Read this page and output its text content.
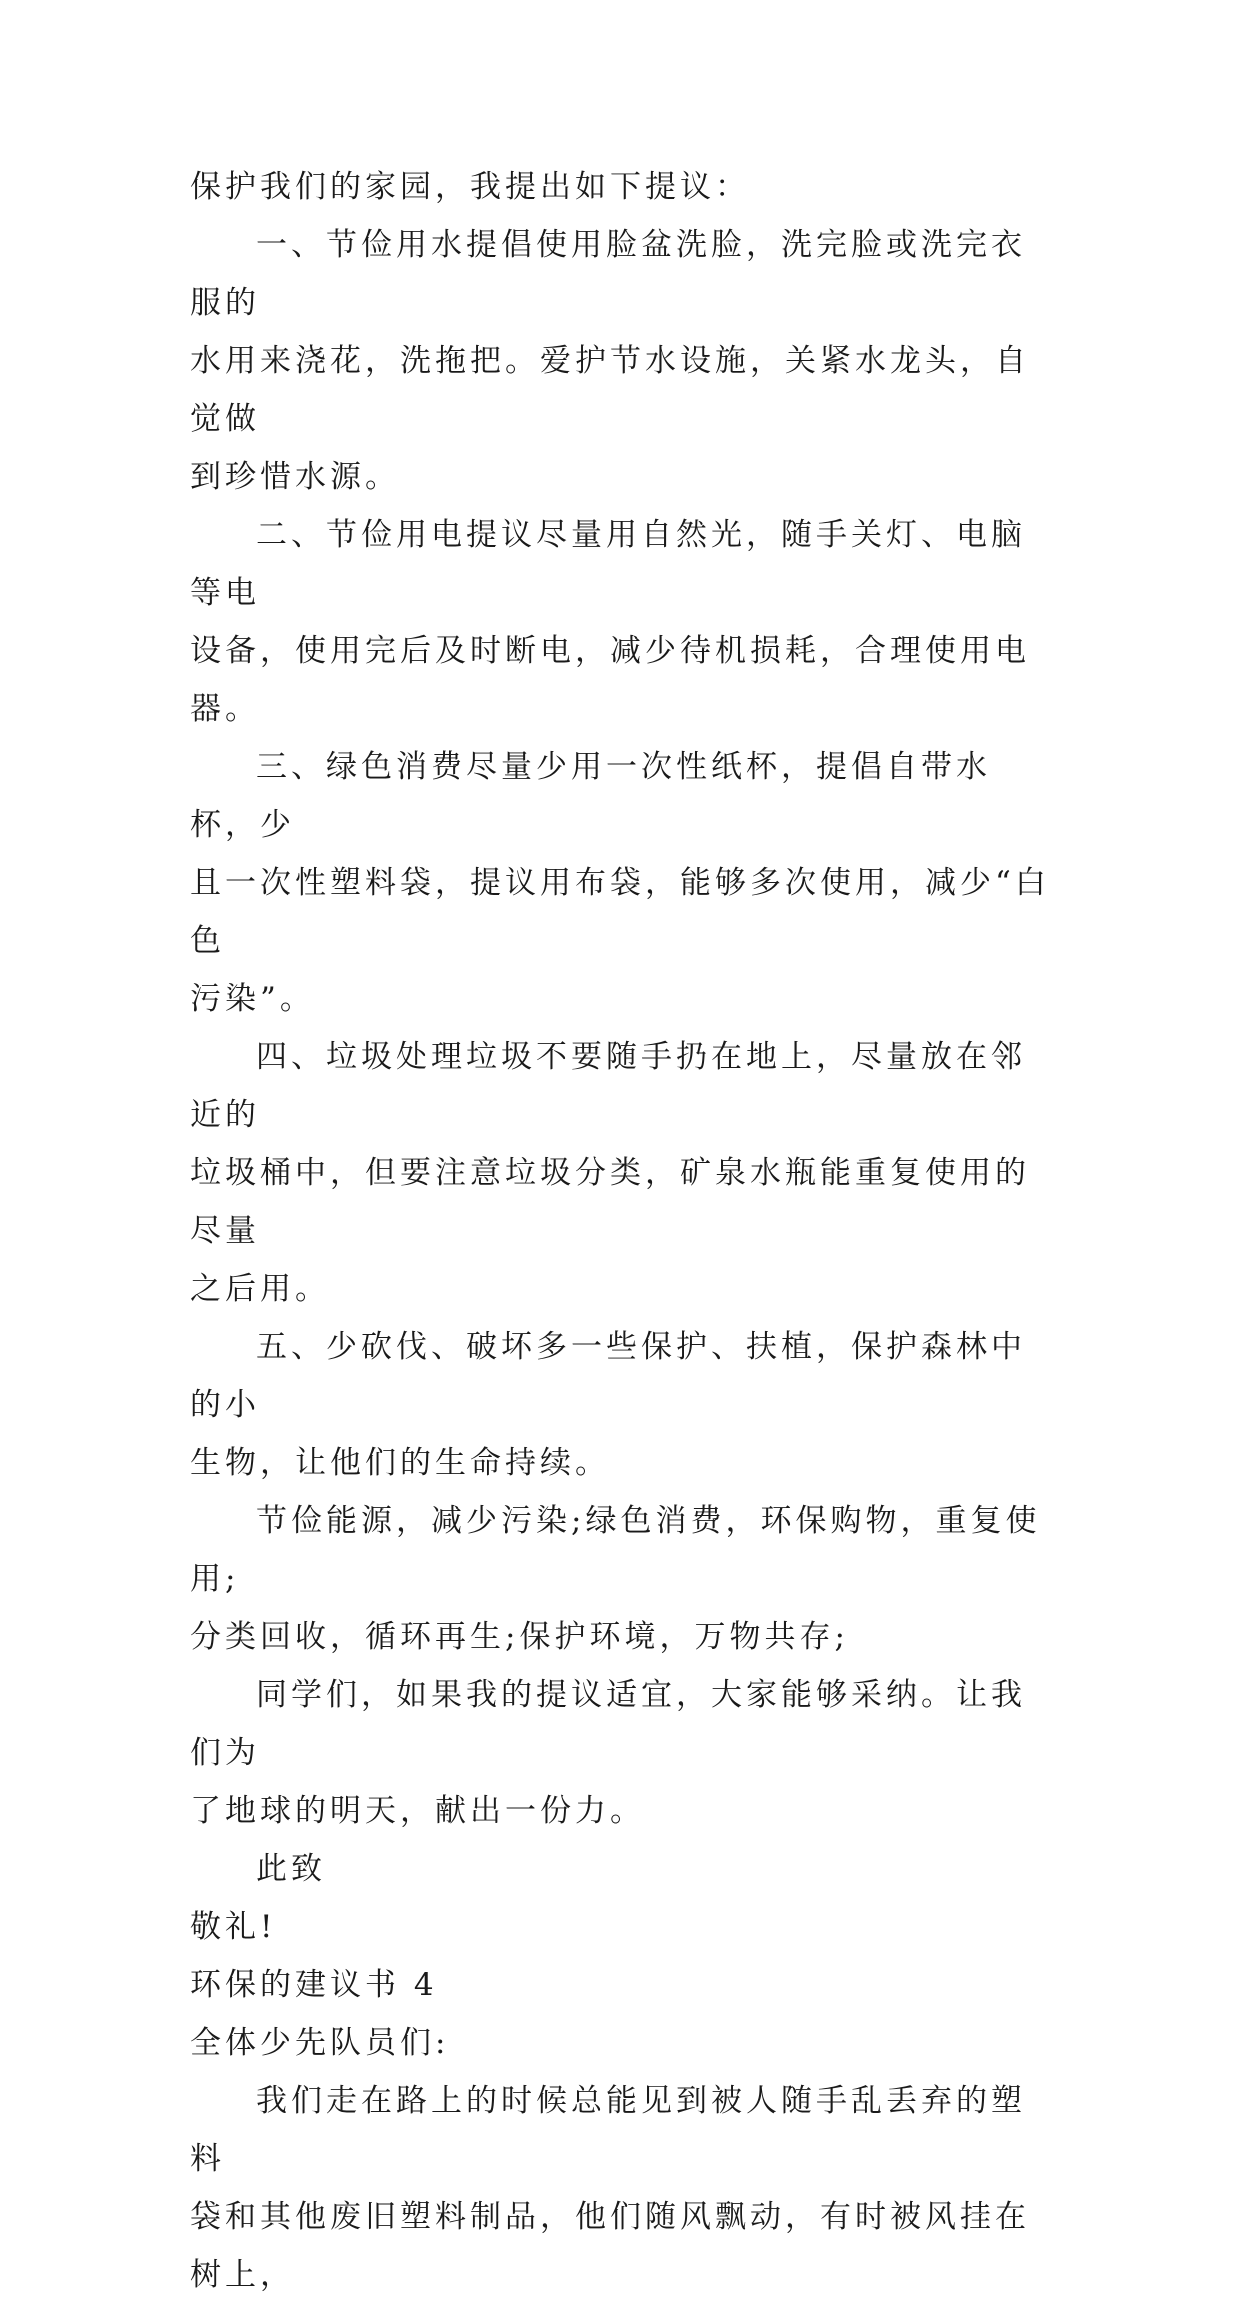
保护我们的家园，我提出如下提议：

一、节俭用水提倡使用脸盆洗脸，洗完脸或洗完衣服的

水用来浇花，洗拖把。爱护节水设施，关紧水龙头，自觉做

到珍惜水源。

二、节俭用电提议尽量用自然光，随手关灯、电脑等电

设备，使用完后及时断电，减少待机损耗，合理使用电器。

三、绿色消费尽量少用一次性纸杯，提倡自带水杯，少

且一次性塑料袋，提议用布袋，能够多次使用，减少“白色

污染”。

四、垃圾处理垃圾不要随手扔在地上，尽量放在邻近的

垃圾桶中，但要注意垃圾分类，矿泉水瓶能重复使用的尽量

之后用。

五、少砍伐、破坏多一些保护、扶植，保护森林中的小

生物，让他们的生命持续。

节俭能源，减少污染;绿色消费，环保购物，重复使用;

分类回收，循环再生;保护环境，万物共存;

同学们，如果我的提议适宜，大家能够采纳。让我们为

了地球的明天，献出一份力。

此致

敬礼!

环保的建议书 4

全体少先队员们:

我们走在路上的时候总能见到被人随手乱丢弃的塑料

袋和其他废旧塑料制品，他们随风飘动，有时被风挂在树上，
